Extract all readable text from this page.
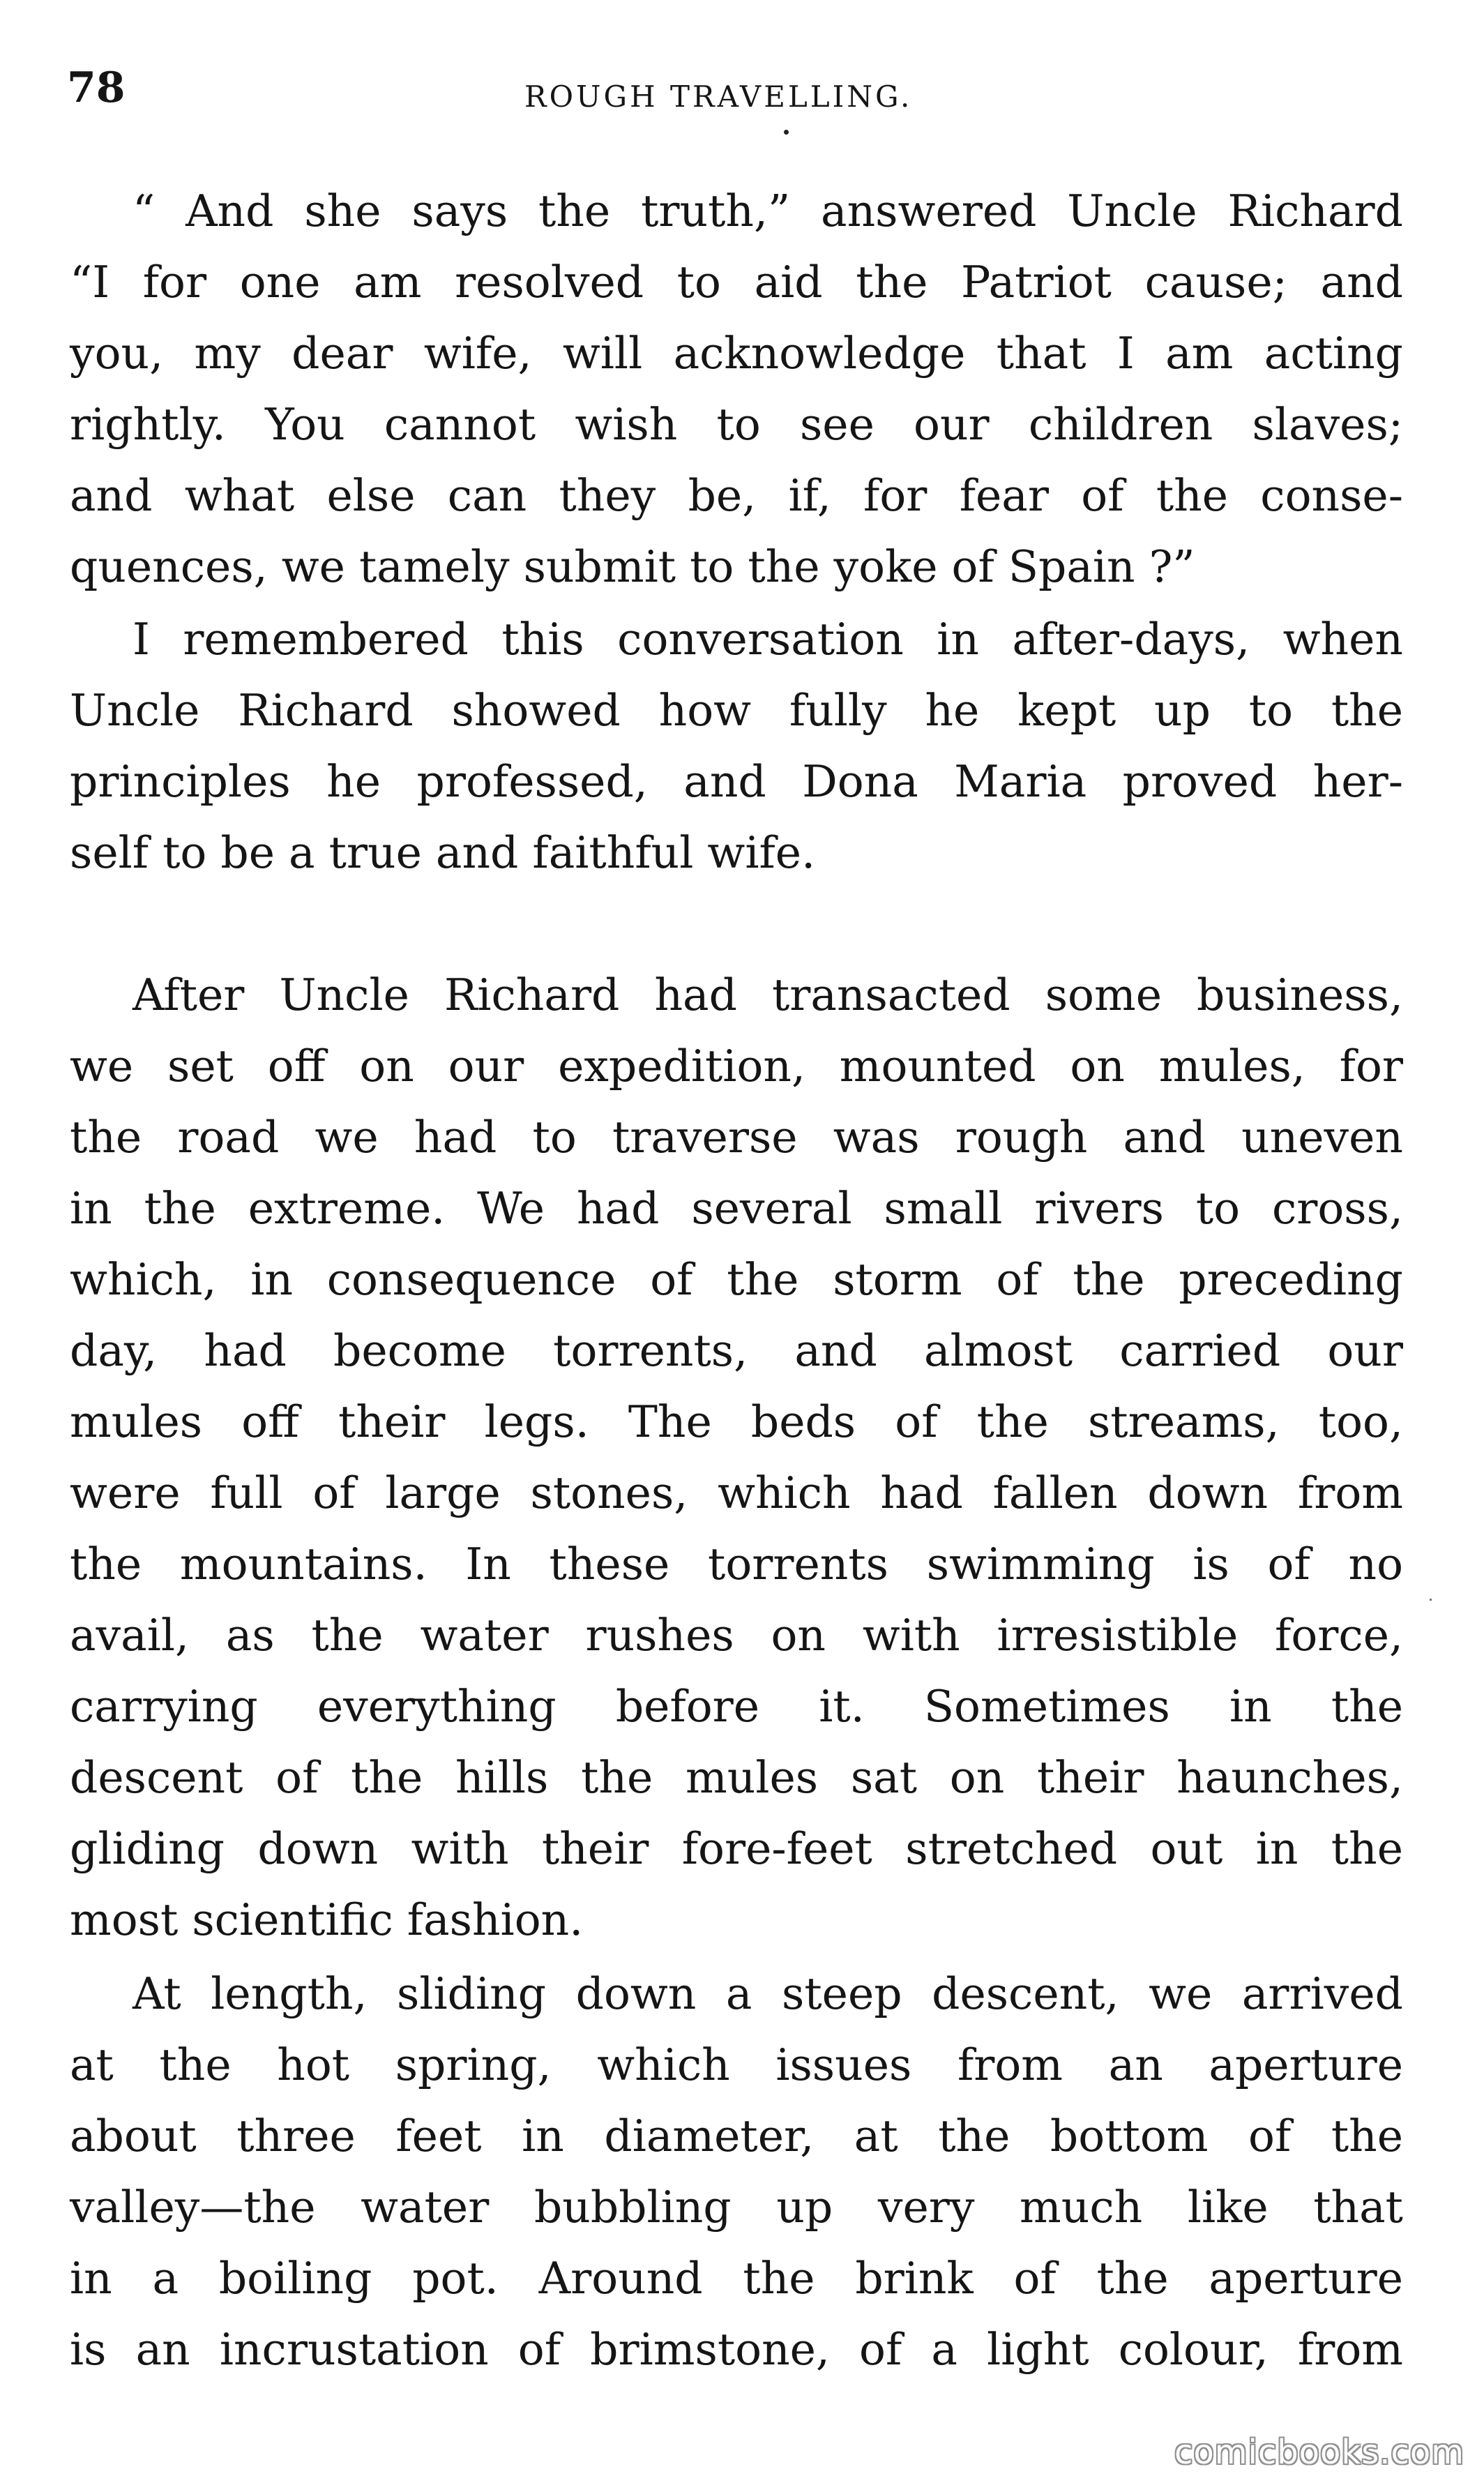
78	ROUGH TRAVELLING.
“ And she says the truth,” answered Uncle Richard
“I for one am resolved to aid the Patriot cause; and
you, my dear wife, will acknowledge that I am acting
rightly. You cannot wish to see our children slaves;
and what else can they be, if, for fear of the conse-
quences, we tamely submit to the yoke of Spain ?”
I remembered this conversation in after-days, when
Uncle Richard showed how fully he kept up to the
principles he professed, and Dona Maria proved her-
self to be a true and faithful wife.
After Uncle Richard had transacted some business,
we set off on our expedition, mounted on mules, for
the road we had to traverse was rough and uneven
in the extreme. We had several small rivers to cross,
which, in consequence of the storm of the preceding
day, had become torrents, and almost carried our
mules off their legs. The beds of the streams, too,
were full of large stones, which had fallen down from
the mountains. In these torrents swimming is of no
avail, as the water rushes on with irresistible force,
carrying everything before it. Sometimes in the
descent of the hills the mules sat on their haunches,
gliding down with their fore-feet stretched out in the
most scientific fashion.
At length, sliding down a steep descent, we arrived
at the hot spring, which issues from an aperture
about three feet in diameter, at the bottom of the
valley—the water bubbling up very much like that
in a boiling pot. Around the brink of the aperture
is an incrustation of brimstone, of a light colour, from
comicbooks.com
